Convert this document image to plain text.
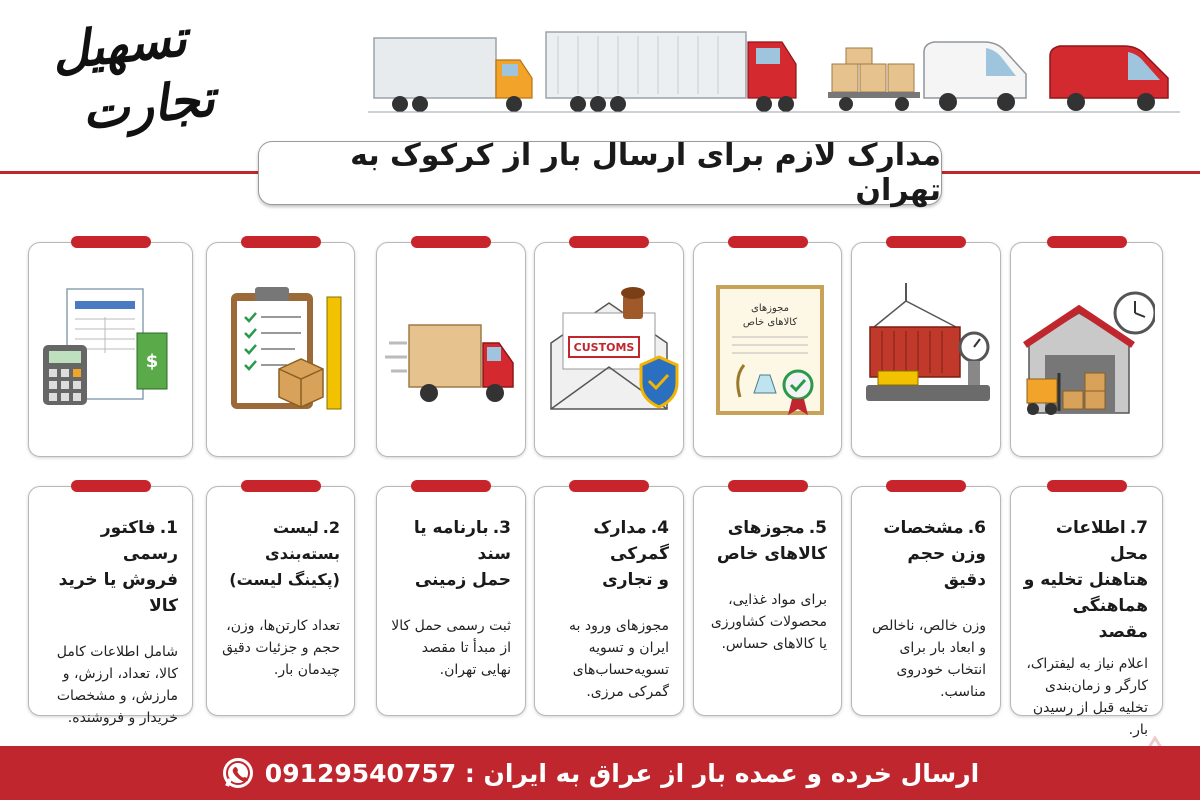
تسهیل
تجارت
مدارک لازم برای ارسال بار از کرکوک به تهران
مجوزهای
کالاهای خاص
CUSTOMS
$
7.اطلاعات محل
هتاهنل تخلیه و
هماهنگی مقصد
اعلام نیاز به لیفتراک، کارگر و زمان‌بندی تخلیه قبل از رسیدن بار.
6.مشخصات
وزن حجم دقیق
وزن خالص، ناخالص و ابعاد بار برای انتخاب خودروی مناسب.
5.مجوزهای
کالاهای خاص
برای مواد غذایی، محصولات کشاورزی یا کالاهای حساس.
4.مدارک گمرکی
و تجاری
مجوزهای ورود به ایران و تسویه تسویه‌حساب‌های گمرکی مرزی.
3.بارنامه یا سند
حمل زمینی
ثبت رسمی حمل کالا از مبدأ تا مقصد نهایی تهران.
2.لیست بسته‌بندی
(پکینگ لیست)
تعداد کارتن‌ها، وزن، حجم و جزئیات دقیق چیدمان بار.
1.فاکتور رسمی
فروش یا خرید کالا
شامل اطلاعات کامل کالا، تعداد، ارزش، و مارزش، و مشخصات خریدار و فروشنده.
ارسال خرده و عمده بار از عراق به ایران : 09129540757
